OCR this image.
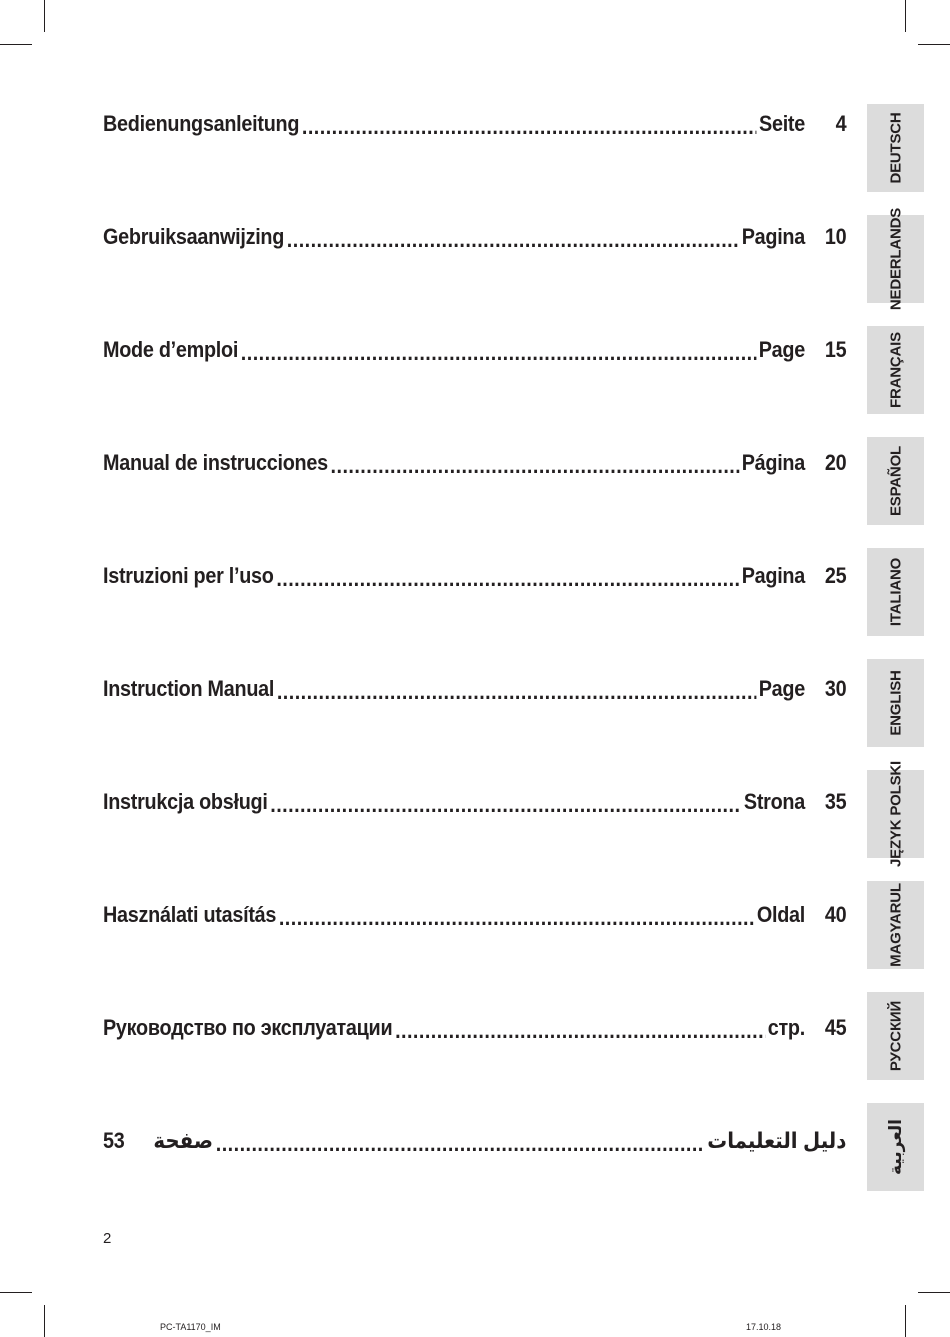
Bedienungsanleitung .....	Seite	4
Gebruiksaanwijzing .....	Pagina 10
Mode d’emploi .....	Page 15
Manual de instrucciones .....	Página 20
Istruzioni per l’uso .....	Pagina 25
Instruction Manual .....	Page 30
Instrukcja obsługi .....	Strona 35
Használati utasítás .....	Oldal 40
Руководство по эксплуатации .....	стр. 45
53	صفحة .....	دليل التعليمات
DEUTSCH
NEDERLANDS
FRANÇAIS
ESPAÑOL
ITALIANO
ENGLISH
JĘZYK POLSKI
MAGYARUL
РУССКИЙ
العربية
2
PC-TA1170_IM	17.10.18
